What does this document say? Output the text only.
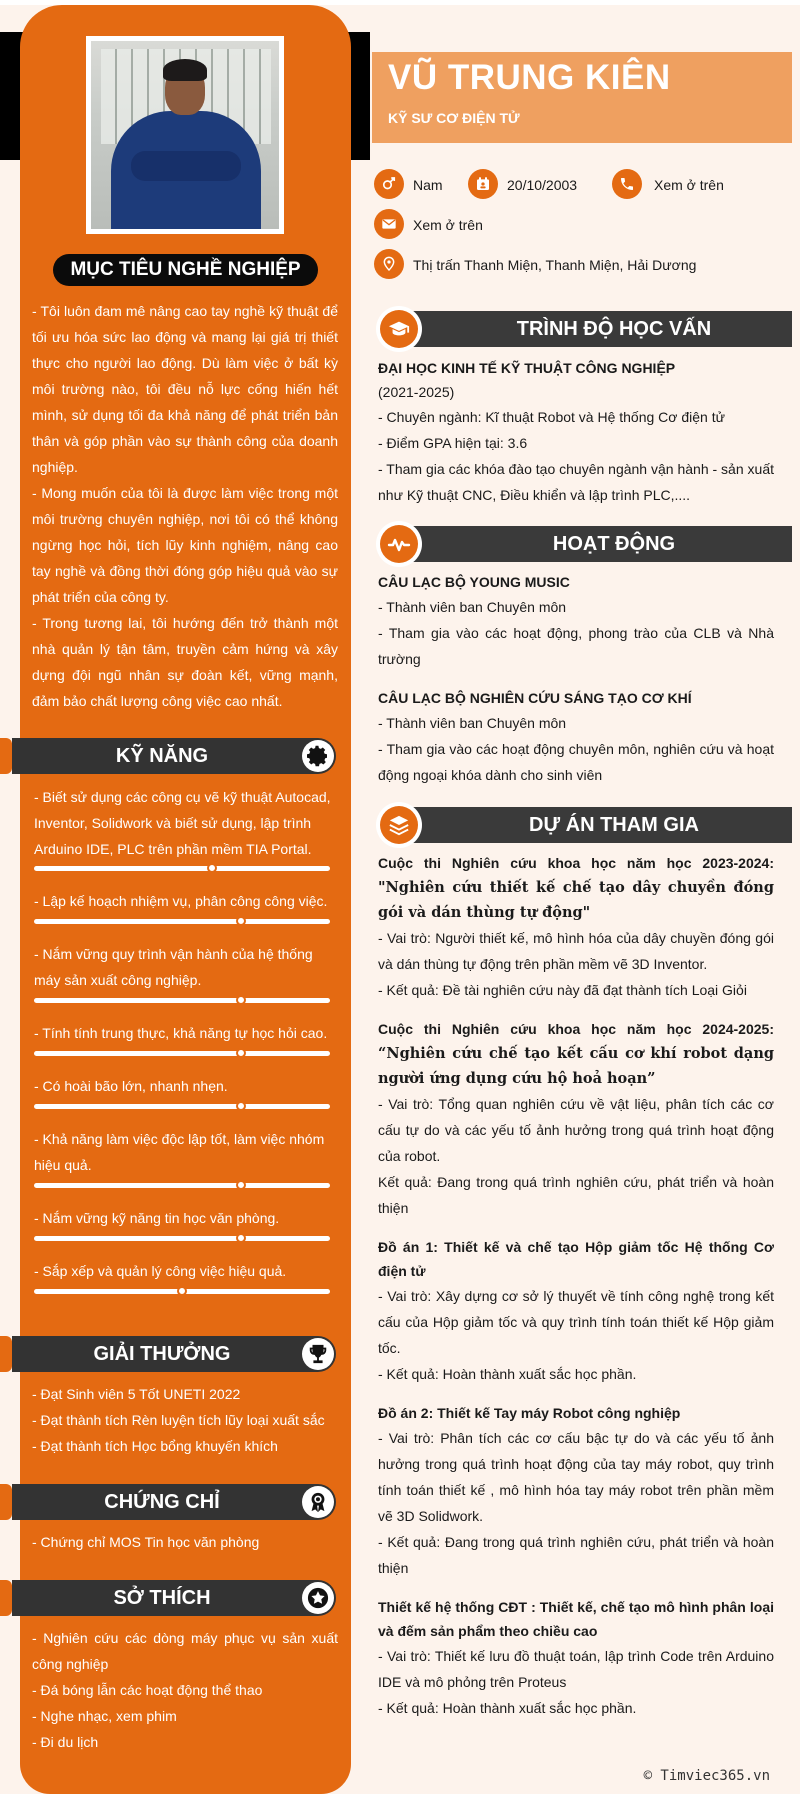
MỤC TIÊU NGHỀ NGHIỆP

- Tôi luôn đam mê nâng cao tay nghề kỹ thuật để tối ưu hóa sức lao động và mang lại giá trị thiết thực cho người lao động. Dù làm việc ở bất kỳ môi trường nào, tôi đều nỗ lực cống hiến hết mình, sử dụng tối đa khả năng để phát triển bản thân và góp phần vào sự thành công của doanh nghiệp.

- Mong muốn của tôi là được làm việc trong một môi trường chuyên nghiệp, nơi tôi có thể không ngừng học hỏi, tích lũy kinh nghiệm, nâng cao tay nghề và đồng thời đóng góp hiệu quả vào sự phát triển của công ty.

- Trong tương lai, tôi hướng đến trở thành một nhà quản lý tận tâm, truyền cảm hứng và xây dựng đội ngũ nhân sự đoàn kết, vững mạnh, đảm bảo chất lượng công việc cao nhất.

KỸ NĂNG
- Biết sử dụng các công cụ vẽ kỹ thuật Autocad, Inventor, Solidwork và biết sử dụng, lập trình Arduino IDE, PLC trên phần mềm TIA Portal.
- Lập kế hoạch nhiệm vụ, phân công công việc.
- Nắm vững quy trình vận hành của hệ thống máy sản xuất công nghiệp.
- Tính tính trung thực, khả năng tự học hỏi cao.
- Có hoài bão lớn, nhanh nhẹn.
- Khả năng làm việc độc lập tốt, làm việc nhóm hiệu quả.
- Nắm vững kỹ năng tin học văn phòng.
- Sắp xếp và quản lý công việc hiệu quả.
GIẢI THƯỞNG

- Đạt Sinh viên 5 Tốt UNETI 2022

- Đạt thành tích Rèn luyện tích lũy loại xuất sắc

- Đạt thành tích Học bổng khuyến khích

CHỨNG CHỈ

- Chứng chỉ MOS Tin học văn phòng

SỞ THÍCH

- Nghiên cứu các dòng máy phục vụ sản xuất công nghiệp

- Đá bóng lẫn các hoạt động thể thao

- Nghe nhạc, xem phim

- Đi du lịch

VŨ TRUNG KIÊN
KỸ SƯ CƠ ĐIỆN TỬ
Nam	20/10/2003	Xem ở trên
Xem ở trên
Thị trấn Thanh Miện, Thanh Miện, Hải Dương
TRÌNH ĐỘ HỌC VẤN

ĐẠI HỌC KINH TẾ KỸ THUẬT CÔNG NGHIỆP

(2021-2025)

- Chuyên ngành: Kĩ thuật Robot và Hệ thống Cơ điện tử

- Điểm GPA hiện tại: 3.6

- Tham gia các khóa đào tạo chuyên ngành vận hành - sản xuất như Kỹ thuật CNC, Điều khiển và lập trình PLC,....

HOẠT ĐỘNG

CÂU LẠC BỘ YOUNG MUSIC

- Thành viên ban Chuyên môn

- Tham gia vào các hoạt động, phong trào của CLB và Nhà trường

CÂU LẠC BỘ NGHIÊN CỨU SÁNG TẠO CƠ KHÍ

- Thành viên ban Chuyên môn

- Tham gia vào các hoạt động chuyên môn, nghiên cứu và hoạt động ngoại khóa dành cho sinh viên

DỰ ÁN THAM GIA

Cuộc thi Nghiên cứu khoa học năm học 2023-2024: "Nghiên cứu thiết kế chế tạo dây chuyền đóng gói và dán thùng tự động"

- Vai trò: Người thiết kế, mô hình hóa của dây chuyền đóng gói và dán thùng tự động trên phần mềm vẽ 3D Inventor.

- Kết quả: Đề tài nghiên cứu này đã đạt thành tích Loại Giỏi

Cuộc thi Nghiên cứu khoa học năm học 2024-2025: “Nghiên cứu chế tạo kết cấu cơ khí robot dạng người ứng dụng cứu hộ hoả hoạn”

- Vai trò: Tổng quan nghiên cứu về vật liệu, phân tích các cơ cấu tự do và các yếu tố ảnh hưởng trong quá trình hoạt động của robot.

Kết quả: Đang trong quá trình nghiên cứu, phát triển và hoàn thiện

Đồ án 1: Thiết kế và chế tạo Hộp giảm tốc Hệ thống Cơ điện tử

- Vai trò: Xây dựng cơ sở lý thuyết về tính công nghệ trong kết cấu của Hộp giảm tốc và quy trình tính toán thiết kế Hộp giảm tốc.

- Kết quả: Hoàn thành xuất sắc học phần.

Đồ án 2: Thiết kế Tay máy Robot công nghiệp

- Vai trò: Phân tích các cơ cấu bậc tự do và các yếu tố ảnh hưởng trong quá trình hoạt động của tay máy robot, quy trình tính toán thiết kế , mô hình hóa tay máy robot trên phần mềm vẽ 3D Solidwork.

- Kết quả: Đang trong quá trình nghiên cứu, phát triển và hoàn thiện

Thiết kế hệ thống CĐT : Thiết kế, chế tạo mô hình phân loại và đếm sản phẩm theo chiều cao

- Vai trò: Thiết kế lưu đồ thuật toán, lập trình Code trên Arduino IDE và mô phỏng trên Proteus

- Kết quả: Hoàn thành xuất sắc học phần.

© Timviec365.vn
